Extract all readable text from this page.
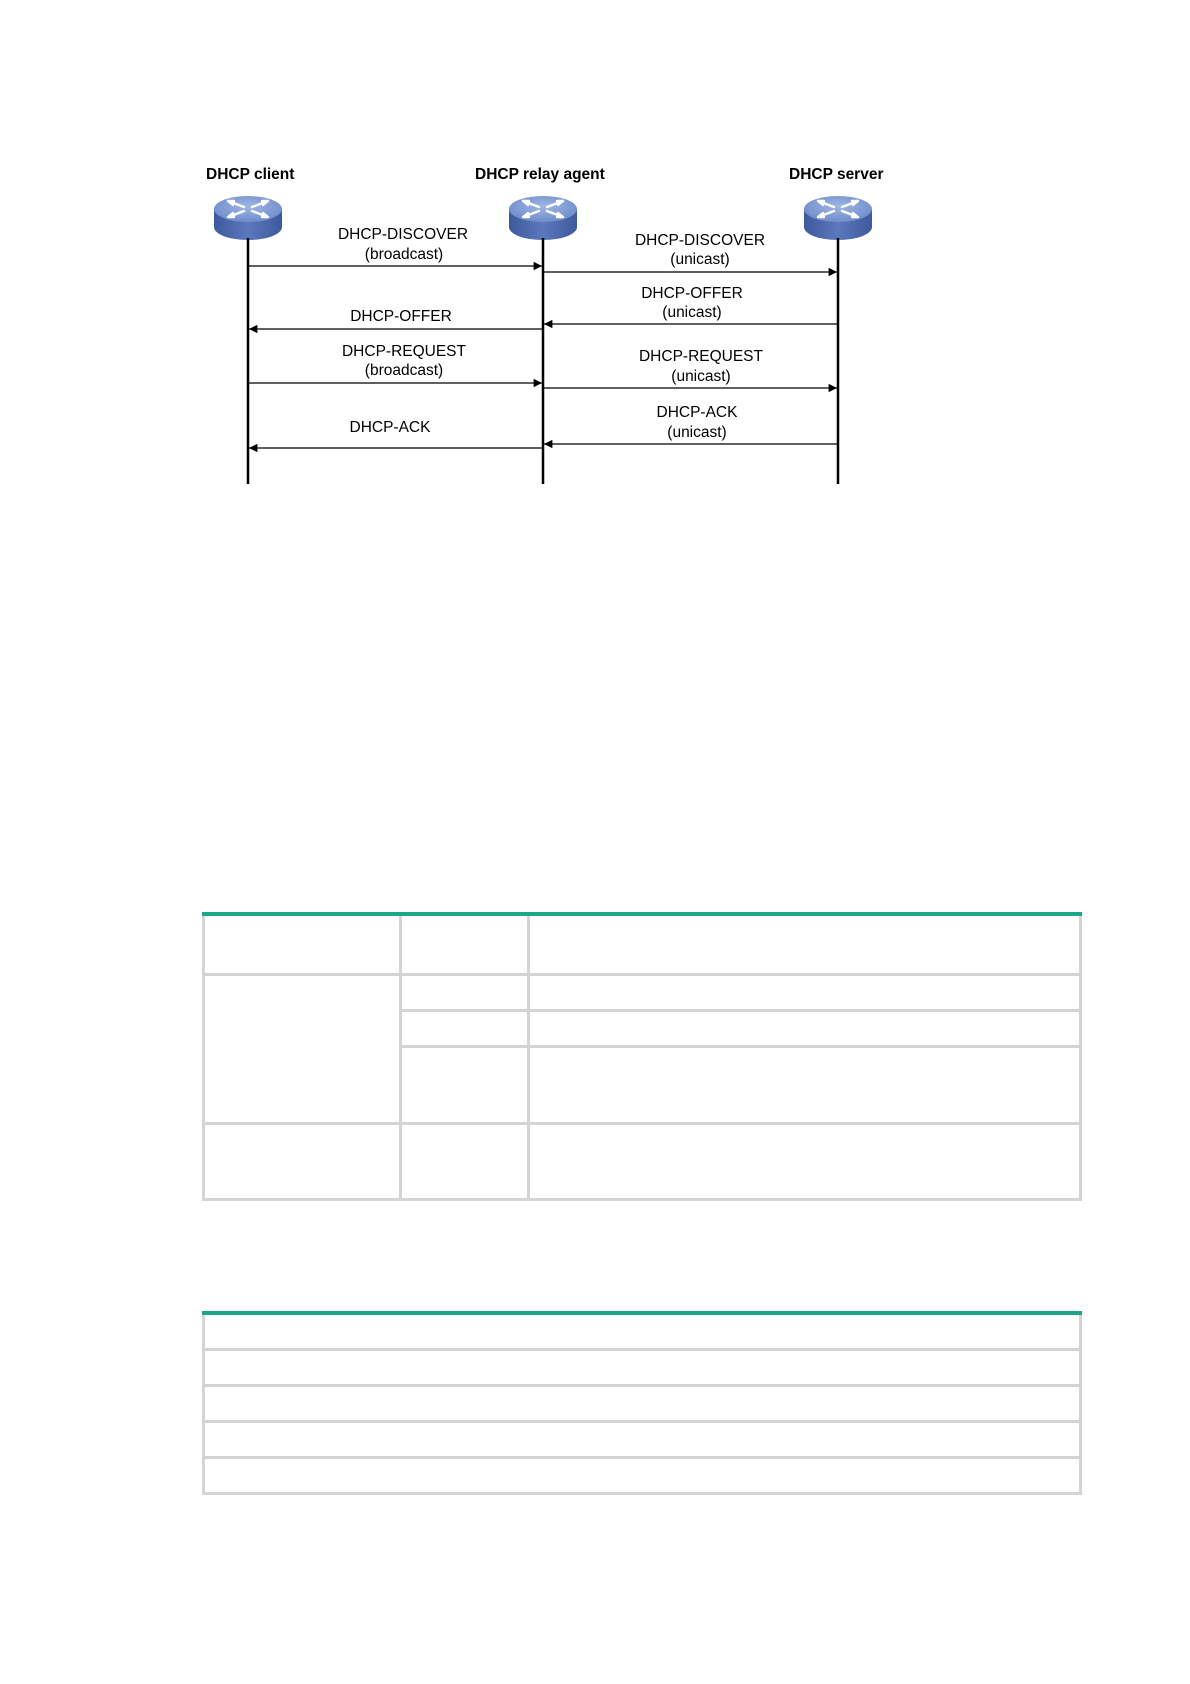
DHCP client	DHCP relay agent	DHCP server
DHCP-DISCOVER
(broadcast)
DHCP-DISCOVER
(unicast)
DHCP-OFFER
(unicast)
DHCP-OFFER
DHCP-REQUEST
(broadcast)
DHCP-REQUEST
(unicast)
DHCP-ACK
(unicast)
DHCP-ACK
